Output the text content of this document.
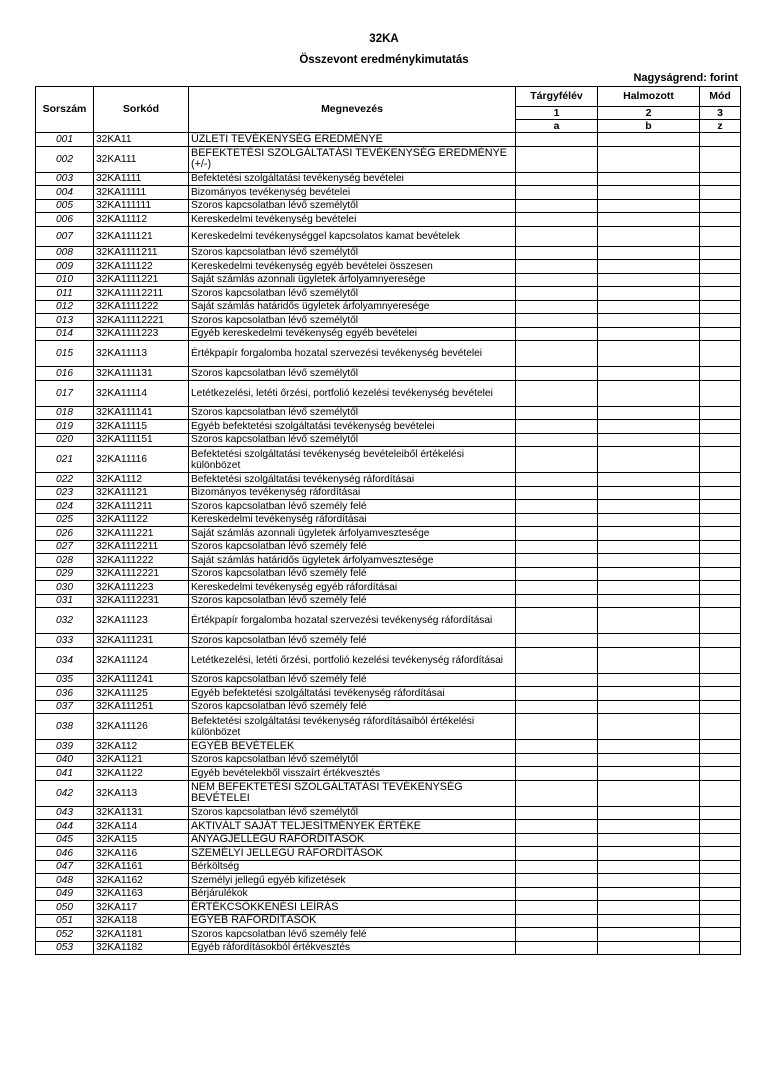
32KA
Összevont eredménykimutatás
Nagyságrend: forint
Sorszám	Sorkód	Megnevezés	Tárgyfélév	Halmozott	Mód
			1	2	3
			a	b	z
001	32KA11	ÜZLETI TEVÉKENYSÉG EREDMÉNYE			
002	32KA111	BEFEKTETÉSI SZOLGÁLTATÁSI TEVÉKENYSÉG EREDMÉNYE (+/-)			
003	32KA1111	Befektetési szolgáltatási tevékenység bevételei			
004	32KA11111	Bizományos tevékenység bevételei			
005	32KA111111	Szoros kapcsolatban lévő személytől			
006	32KA11112	Kereskedelmi tevékenység bevételei			
007	32KA111121	Kereskedelmi tevékenységgel kapcsolatos kamat bevételek			
008	32KA1111211	Szoros kapcsolatban lévő személytől			
009	32KA111122	Kereskedelmi tevékenység egyéb bevételei összesen			
010	32KA1111221	Saját számlás azonnali ügyletek árfolyamnyeresége			
011	32KA11112211	Szoros kapcsolatban lévő személytől			
012	32KA1111222	Saját számlás határidős ügyletek árfolyamnyeresége			
013	32KA11112221	Szoros kapcsolatban lévő személytől			
014	32KA1111223	Egyéb kereskedelmi tevékenység egyéb bevételei			
015	32KA11113	Értékpapír forgalomba hozatal szervezési tevékenység bevételei			
016	32KA111131	Szoros kapcsolatban lévő személytől			
017	32KA11114	Letétkezelési, letéti őrzési, portfolió kezelési tevékenység bevételei			
018	32KA111141	Szoros kapcsolatban lévő személytől			
019	32KA11115	Egyéb befektetési szolgáltatási tevékenység bevételei			
020	32KA111151	Szoros kapcsolatban lévő személytől			
021	32KA11116	Befektetési szolgáltatási tevékenység bevételeiből értékelési különbözet			
022	32KA1112	Befektetési szolgáltatási tevékenység ráfordításai			
023	32KA11121	Bizományos tevékenység ráfordításai			
024	32KA111211	Szoros kapcsolatban lévő személy felé			
025	32KA11122	Kereskedelmi tevékenység ráfordításai			
026	32KA111221	Saját számlás azonnali ügyletek árfolyamvesztesége			
027	32KA1112211	Szoros kapcsolatban lévő személy felé			
028	32KA111222	Saját számlás határidős ügyletek árfolyamvesztesége			
029	32KA1112221	Szoros kapcsolatban lévő személy felé			
030	32KA111223	Kereskedelmi tevékenység egyéb ráfordításai			
031	32KA1112231	Szoros kapcsolatban lévő személy felé			
032	32KA11123	Értékpapír forgalomba hozatal szervezési tevékenység ráfordításai			
033	32KA111231	Szoros kapcsolatban lévő személy felé			
034	32KA11124	Letétkezelési, letéti őrzési, portfolió kezelési tevékenység ráfordításai			
035	32KA111241	Szoros kapcsolatban lévő személy felé			
036	32KA11125	Egyéb befektetési szolgáltatási tevékenység ráfordításai			
037	32KA111251	Szoros kapcsolatban lévő személy felé			
038	32KA11126	Befektetési szolgáltatási tevékenység ráfordításaiból értékelési különbözet			
039	32KA112	EGYÉB BEVÉTELEK			
040	32KA1121	Szoros kapcsolatban lévő személytől			
041	32KA1122	Egyéb bevételekből visszaírt értékvesztés			
042	32KA113	NEM BEFEKTETÉSI SZOLGÁLTATÁSI TEVÉKENYSÉG BEVÉTELEI			
043	32KA1131	Szoros kapcsolatban lévő személytől			
044	32KA114	AKTIVÁLT SAJÁT TELJESÍTMÉNYEK ÉRTÉKE			
045	32KA115	ANYAGJELLEGŰ RÁFORDÍTÁSOK			
046	32KA116	SZEMÉLYI JELLEGŰ RÁFORDÍTÁSOK			
047	32KA1161	Bérköltség			
048	32KA1162	Személyi jellegű egyéb kifizetések			
049	32KA1163	Bérjárulékok			
050	32KA117	ÉRTÉKCSÖKKENÉSI LEÍRÁS			
051	32KA118	EGYÉB RÁFORDÍTÁSOK			
052	32KA1181	Szoros kapcsolatban lévő személy felé			
053	32KA1182	Egyéb ráfordításokból értékvesztés			
